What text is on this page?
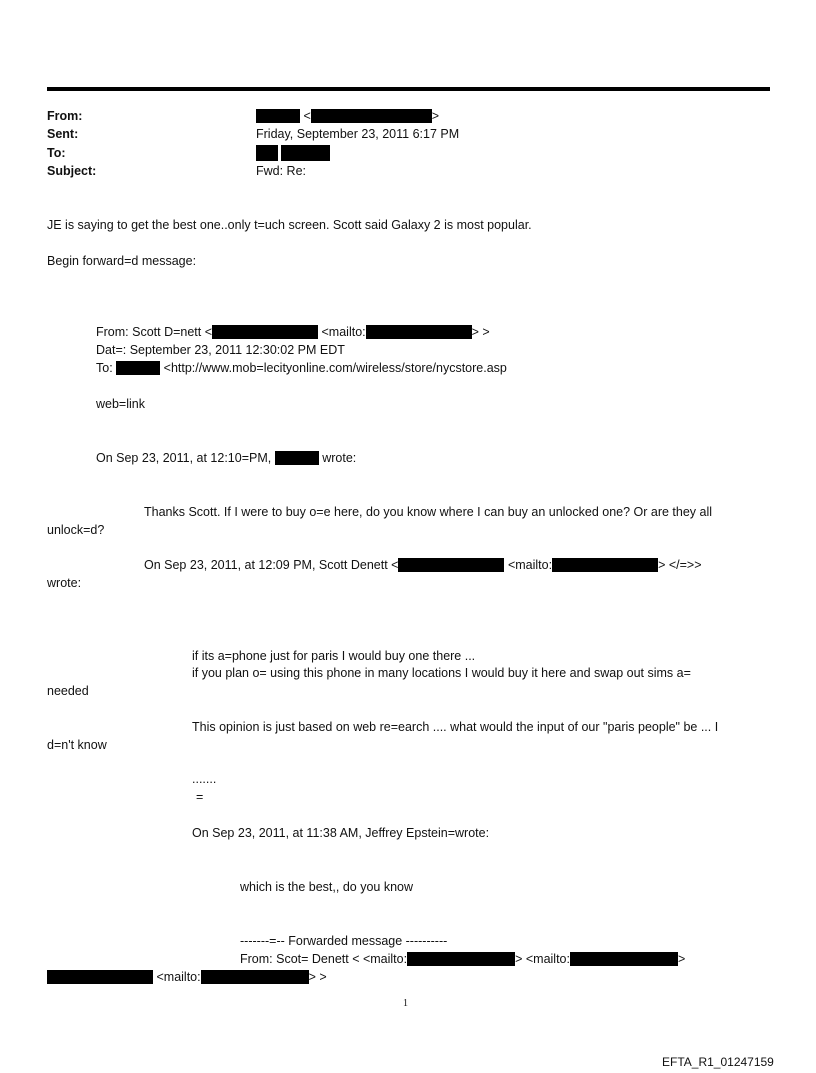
From:	<	>
Sent:	Friday, September 23, 2011 6:17 PM
To:

Subject:	Fwd: Re:
JE is saying to get the best one..only t=uch screen. Scott said Galaxy 2 is most popular.
Begin forward=d message:
From: Scott D=nett <	<mailto:	> >
Dat=: September 23, 2011 12:30:02 PM EDT
To:	<http://www.mob=lecityonline.com/wireless/store/nycstore.asp
web=link
On Sep 23, 2011, at 12:10=PM,	wrote:
Thanks Scott. If I were to buy o=e here, do you know where I can buy an unlocked one? Or are they all
unlock=d?
On Sep 23, 2011, at 12:09 PM, Scott Denett <	<mailto:	> </=>>
wrote:
if its a=phone just for paris I would buy one there ...
if you plan o= using this phone in many locations I would buy it here and swap out sims a=
needed
This opinion is just based on web re=earch .... what would the input of our "paris people" be ... I
d=n't know
.......
=
On Sep 23, 2011, at 11:38 AM, Jeffrey Epstein=wrote:
which is the best,, do you know
-------=-- Forwarded message ----------
From: Scot= Denett < <mailto:	> <mailto:	>
<mailto:	> >
1
EFTA_R1_01247159
